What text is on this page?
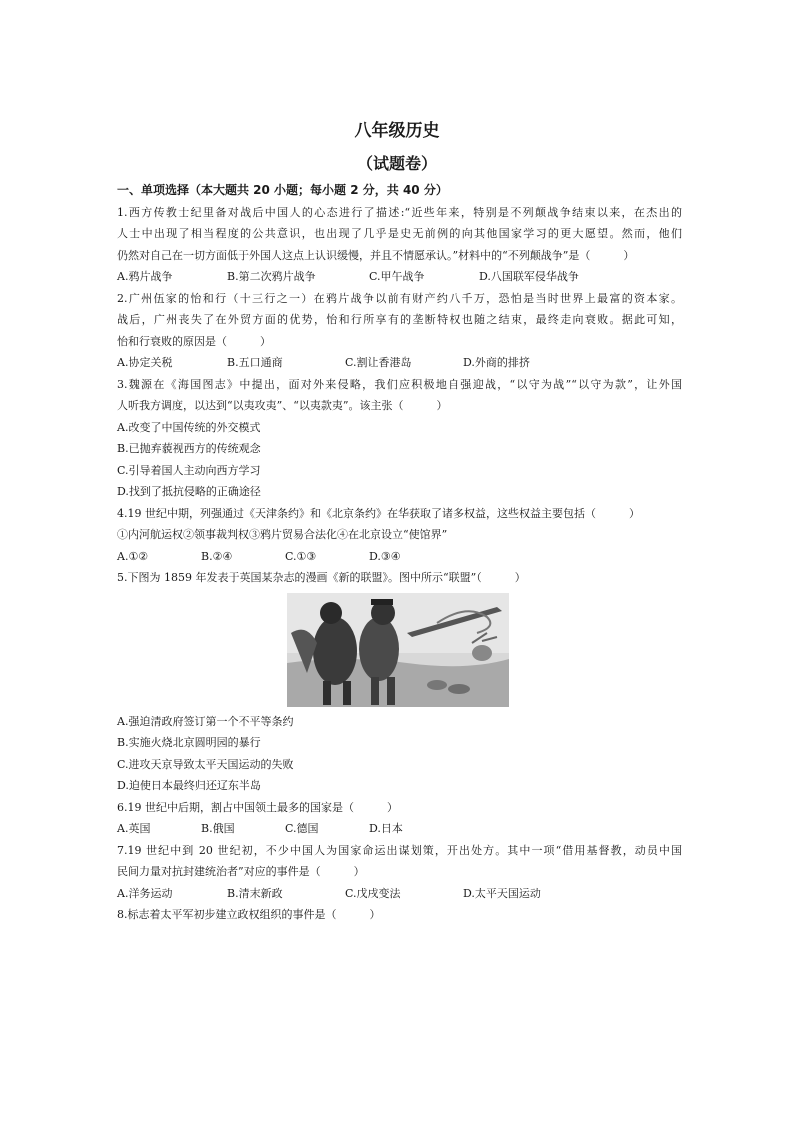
八年级历史
（试题卷）
一、单项选择（本大题共 20 小题；每小题 2 分，共 40 分）
1.西方传教士纪里备对战后中国人的心态进行了描述:“近些年来，特别是不列颠战争结束以来，在杰出的
人士中出现了相当程度的公共意识，也出现了几乎是史无前例的向其他国家学习的更大愿望。然而，他们
仍然对自己在一切方面低于外国人这点上认识缓慢，并且不情愿承认。”材料中的“不列颠战争”是（　　　）
A.鸦片战争	B.第二次鸦片战争	C.甲午战争	D.八国联军侵华战争
2.广州伍家的怡和行（十三行之一）在鸦片战争以前有财产约八千万，恐怕是当时世界上最富的资本家。
战后，广州丧失了在外贸方面的优势，怡和行所享有的垄断特权也随之结束，最终走向衰败。据此可知，
怡和行衰败的原因是（　　　）
A.协定关税	B.五口通商	C.割让香港岛	D.外商的排挤
3.魏源在《海国图志》中提出，面对外来侵略，我们应积极地自强迎战，“以守为战”“以守为款”，让外国
人听我方调度，以达到“以夷攻夷”、“以夷款夷”。该主张（　　　）
A.改变了中国传统的外交模式
B.已抛弃藐视西方的传统观念
C.引导着国人主动向西方学习
D.找到了抵抗侵略的正确途径
4.19 世纪中期，列强通过《天津条约》和《北京条约》在华获取了诸多权益，这些权益主要包括（　　　）
①内河航运权②领事裁判权③鸦片贸易合法化④在北京设立“使馆界”
A.①②	B.②④	C.①③	D.③④
5.下图为 1859 年发表于英国某杂志的漫画《新的联盟》。图中所示“联盟”（　　　）
A.强迫清政府签订第一个不平等条约
B.实施火烧北京圆明园的暴行
C.进攻天京导致太平天国运动的失败
D.迫使日本最终归还辽东半岛
6.19 世纪中后期，割占中国领土最多的国家是（　　　）
A.英国	B.俄国	C.德国	D.日本
7.19 世纪中到 20 世纪初，不少中国人为国家命运出谋划策，开出处方。其中一项“借用基督教，动员中国
民间力量对抗封建统治者”对应的事件是（　　　）
A.洋务运动	B.清末新政	C.戊戌变法	D.太平天国运动
8.标志着太平军初步建立政权组织的事件是（　　　）
